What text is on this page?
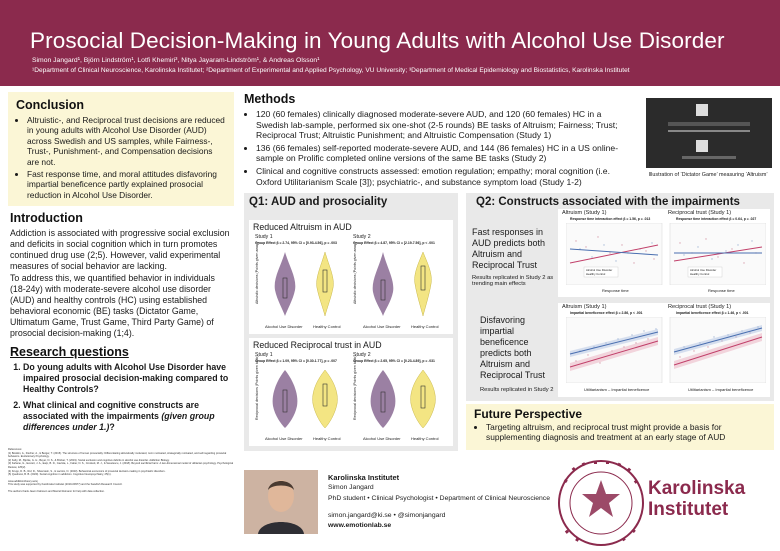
Prosocial Decision-Making in Young Adults with Alcohol Use Disorder
Simon Jangard¹, Björn Lindström¹, Lotfi Khemiri³, Nitya Jayaram-Lindström¹, & Andreas Olsson¹
¹Department of Clinical Neuroscience, Karolinska Institutet; ²Department of Experimental and Applied Psychology, VU University; ³Department of Medical Epidemiology and Biostatistics, Karolinska Institutet
Conclusion
• Altruistic-, and Reciprocal trust decisions are reduced in young adults with Alcohol Use Disorder (AUD) across Swedish and US samples, while Fairness-, Trust-, Punishment-, and Compensation decisions are not.
• Fast response time, and moral attitudes disfavoring impartial beneficence partly explained prosocial reduction in Alcohol Use Disorder.
Introduction

Addiction is associated with progressive social exclusion and deficits in social cognition which in turn promotes continued drug use (2;5). However, valid experimental measures of social behavior are lacking.

To address this, we quantified behavior in individuals (18-24y) with moderate-severe alcohol use disorder (AUD) and healthy controls (HC) using established behavioral economic (BE) tasks (Dictator Game, Ultimatum Game, Trust Game, Third Party Game) of prosocial decision-making (1;4).

Research questions
1. Do young adults with Alcohol Use Disorder have impaired prosocial decision-making compared to Healthy Controls?
2. What clinical and cognitive constructs are associated with the impairments (given group differences under 1.)?
References:
(1) Bostlén, A., Fischer, A., & Berger, T. (2015). The structure of human prosociality: Differentiating altruistically motivated, norm motivated, strategically motivated, and self-regarding prosocial behaviors. Evolutionary Psychology.
(2) Kelly, M., Bjorke, G. H., Beyer, N. S., & Bricker, T. (2019). Social exclusion and cognitive deficits in alcohol use disorder. Addiction Biology.
(3) Kahane, G., Everett, J. A., Earp, B. D., Caviola, L., Faber, N. S., Crockett, M. J., & Savulescu, J. (2018). Beyond sacrificial harm: A two-dimensional model of utilitarian psychology. Psychological Review, 125(2).
(4) Krupp, D. B., Ruf, D., Silverstein, S., & Lacroix, N. (2023). Behavioral economics of prosocial decision-making in psychiatric disorders.
(5) Quednow, B. B. (2020). Social cognition in addiction. Cognitive Neuropsychiatry, 25(1).
www.addiktiontheory.se/sj
This study was supported by Karolinska Institutet (2019-00977) and the Swedish Research Council.
The authors thank Jason Kalmson and Marcel Reimann for help with data collection.
Methods
• 120 (60 females) clinically diagnosed moderate-severe AUD, and 120 (60 females) HC in a Swedish lab-sample, performed six one-shot (2-5 rounds) BE tasks of Altruism; Fairness; Trust; Reciprocal Trust; Altruistic Punishment; and Altruistic Compensation (Study 1)
• 136 (66 females) self-reported moderate-severe AUD, and 144 (86 females) HC in a US online-sample on Prolific completed online versions of the same BE tasks (Study 2)
• Clinical and cognitive constructs assessed: emotion regulation; empathy; moral cognition (i.e. Oxford Utilitarianism Scale [3]); psychiatric-, and substance symptom load (Study 1-2)
Illustration of ‘Dictator Game’ measuring ‘Altruism’
Q1: AUD and prosociality
Reduced Altruism in AUD
Study 1	Study 2
Group Effect β = 2.74, 95% CI = [0.93-4.56], p = .003	Group Effect β = 4.87, 95% CI = [2.19-7.56], p < .001
Altruistic decisions (Points given away)	Altruistic decisions (Points given away)
Alcohol Use Disorder	Healthy Control	Alcohol Use Disorder	Healthy Control
Reduced Reciprocal trust in AUD
Study 1	Study 2
Group Effect β = 1.09, 95% CI = [0.30-1.77], p = .007	Group Effect β = 2.65, 95% CI = [0.23-4.89], p = .031
Reciprocal decisions (Points given back)	Reciprocal decisions (Points given back)
Alcohol Use Disorder	Healthy Control	Alcohol Use Disorder	Healthy Control
Q2: Constructs associated with the impairments
Fast responses in AUD predicts both Altruism and Reciprocal Trust
Results replicated in Study 2 as trending main effects
Altruism (Study 1)	Reciprocal trust (Study 1)
Response time interaction effect β = 1.56, p = .013	Response time interaction effect β = 0.64, p = .027
Alcohol Use Disorder
Healthy Control
Alcohol Use Disorder
Healthy Control
Response time	Response time
Disfavoring impartial beneficence predicts both Altruism and Reciprocal Trust
Results replicated in Study 2
Altruism (Study 1)	Reciprocal trust (Study 1)
Impartial beneficence effect β = 2.86, p < .001	Impartial beneficence effect β = 1.46, p < .001
Utilitarianism – Impartial beneficence	Utilitarianism – Impartial beneficence
Future Perspective
• Targeting altruism, and reciprocal trust might provide a basis for supplementing diagnosis and treatment at an early stage of AUD
Karolinska Institutet
Simon Jangard
PhD student • Clinical Psychologist • Department of Clinical Neuroscience
simon.jangard@ki.se • @simonjangard
www.emotionlab.se
Karolinska
Institutet
